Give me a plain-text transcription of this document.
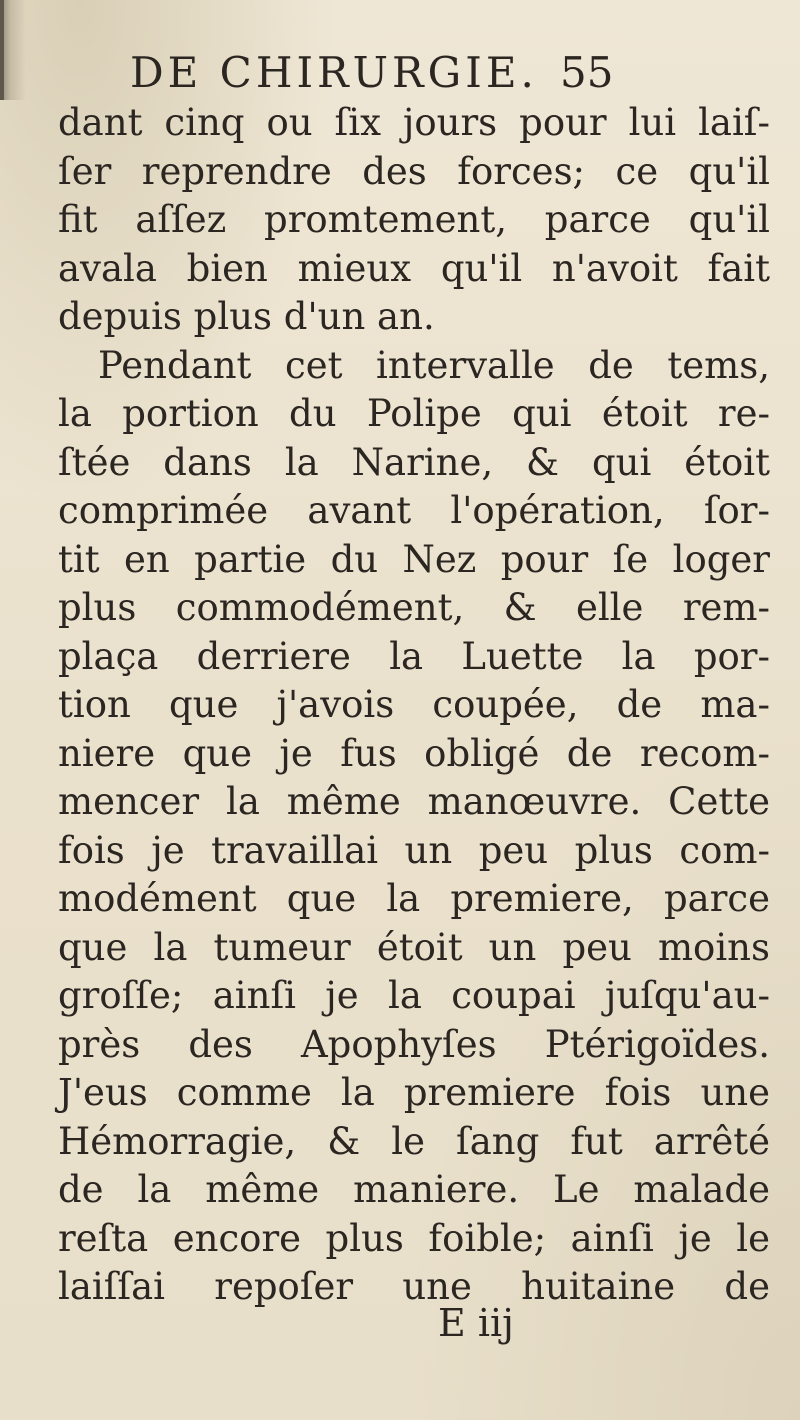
DE CHIRURGIE. 55
dant cinq ou ſix jours pour lui laiſ-
ſer reprendre des forces; ce qu'il
fit aſſez promtement, parce qu'il
avala bien mieux qu'il n'avoit fait
depuis plus d'un an.
Pendant cet intervalle de tems,
la portion du Polipe qui étoit re-
ſtée dans la Narine, & qui étoit
comprimée avant l'opération, ſor-
tit en partie du Nez pour ſe loger
plus commodément, & elle rem-
plaça derriere la Luette la por-
tion que j'avois coupée, de ma-
niere que je fus obligé de recom-
mencer la même manœuvre. Cette
fois je travaillai un peu plus com-
modément que la premiere, parce
que la tumeur étoit un peu moins
groſſe; ainſi je la coupai juſqu'au-
près des Apophyſes Ptérigoïdes.
J'eus comme la premiere fois une
Hémorragie, & le ſang fut arrêté
de la même maniere. Le malade
reſta encore plus foible; ainſi je le
laiſſai repoſer une huitaine de
E iij
